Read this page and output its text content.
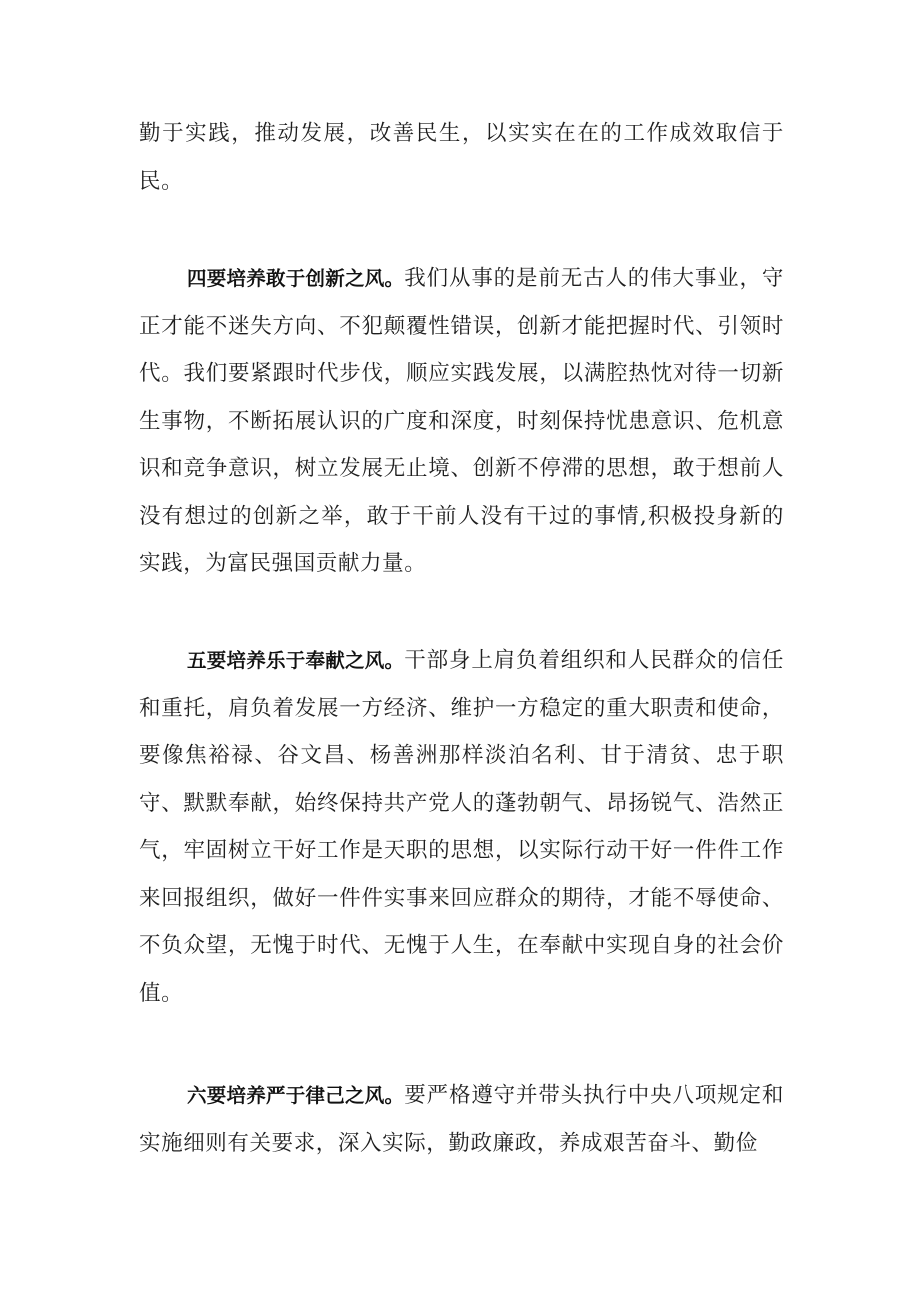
勤于实践，推动发展，改善民生，以实实在在的工作成效取信于民。

四要培养敢于创新之风。我们从事的是前无古人的伟大事业，守正才能不迷失方向、不犯颠覆性错误，创新才能把握时代、引领时代。我们要紧跟时代步伐，顺应实践发展，以满腔热忱对待一切新生事物，不断拓展认识的广度和深度，时刻保持忧患意识、危机意识和竞争意识，树立发展无止境、创新不停滞的思想，敢于想前人没有想过的创新之举，敢于干前人没有干过的事情,积极投身新的实践，为富民强国贡献力量。

五要培养乐于奉献之风。干部身上肩负着组织和人民群众的信任和重托，肩负着发展一方经济、维护一方稳定的重大职责和使命，要像焦裕禄、谷文昌、杨善洲那样淡泊名利、甘于清贫、忠于职守、默默奉献，始终保持共产党人的蓬勃朝气、昂扬锐气、浩然正气，牢固树立干好工作是天职的思想，以实际行动干好一件件工作来回报组织，做好一件件实事来回应群众的期待，才能不辱使命、不负众望，无愧于时代、无愧于人生，在奉献中实现自身的社会价值。

六要培养严于律己之风。要严格遵守并带头执行中央八项规定和实施细则有关要求，深入实际，勤政廉政，养成艰苦奋斗、勤俭
